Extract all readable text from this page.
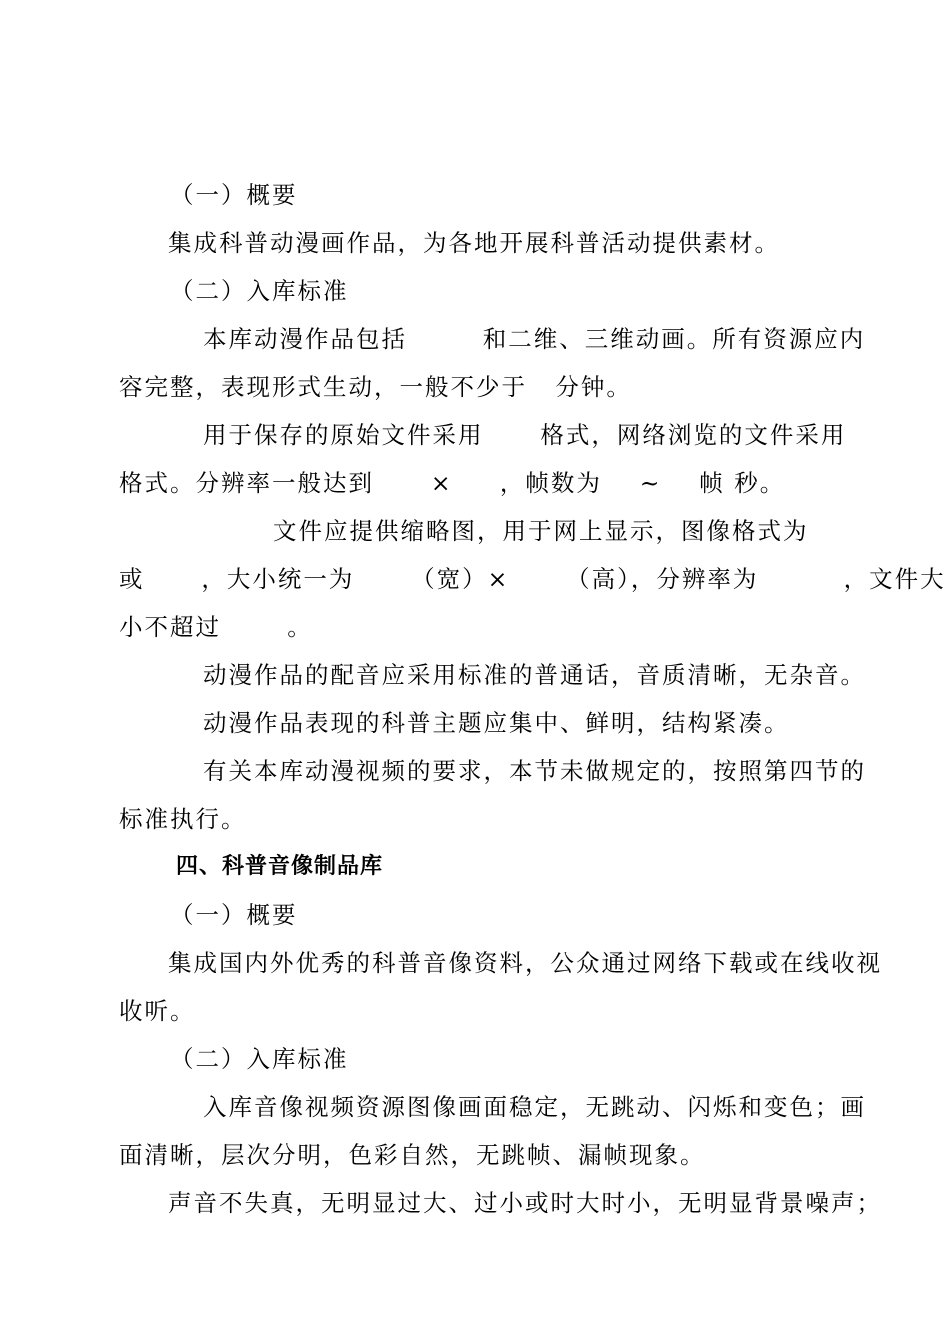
（一）概要
集成科普动漫画作品，为各地开展科普活动提供素材。
（二）入库标准
本库动漫作品包括        和二维、三维动画。所有资源应内
容完整，表现形式生动，一般不少于   分钟。
用于保存的原始文件采用      格式，网络浏览的文件采用
格式。分辨率一般达到      ×     ，帧数为    ~    帧 秒。
文件应提供缩略图，用于网上显示，图像格式为
或      ，大小统一为      （宽）×      （高），分辨率为         ，文件大
小不超过       。
动漫作品的配音应采用标准的普通话，音质清晰，无杂音。
动漫作品表现的科普主题应集中、鲜明，结构紧凑。
有关本库动漫视频的要求，本节未做规定的，按照第四节的
标准执行。
四、科普音像制品库
（一）概要
集成国内外优秀的科普音像资料，公众通过网络下载或在线收视
收听。
（二）入库标准
入库音像视频资源图像画面稳定，无跳动、闪烁和变色；画
面清晰，层次分明，色彩自然，无跳帧、漏帧现象。
声音不失真，无明显过大、过小或时大时小，无明显背景噪声；
